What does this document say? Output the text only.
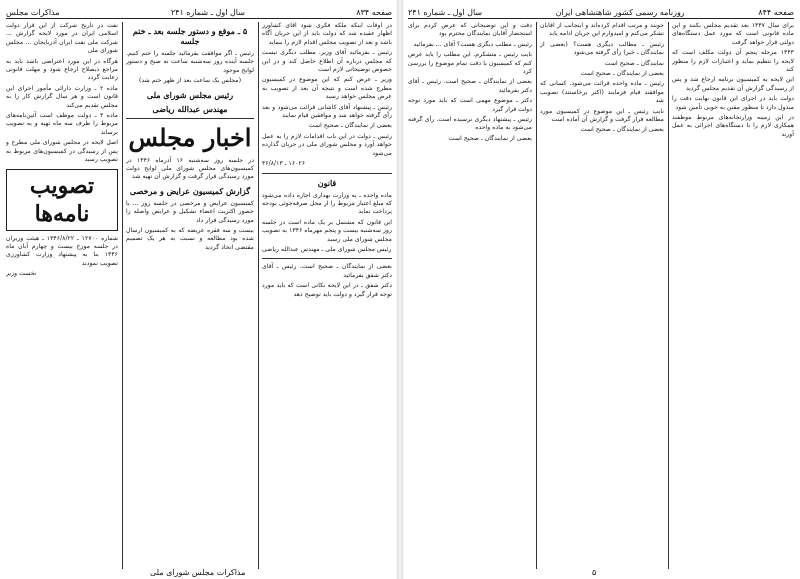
صفحه ۸۳۴
سال اول ـ شماره ۲۴۱
مذاکرات مجلس

نفت در تاریخ شرکت از این قرار دولت اسلامی ایران در مورد لایحه گزارش ... شرکت ملی نفت ایران آذربایجان ... مجلس شورای ملی

هرگاه در این مورد اعتراضی باشد باید به مراجع ذیصلاح ارجاع شود و مهلت قانونی رعایت گردد

ماده ۲ ـ وزارت دارائی مأمور اجرای این قانون است و هر سال گزارش کار را به مجلس تقدیم می‌کند

ماده ۳ ـ دولت موظف است آئین‌نامه‌های مربوط را ظرف سه ماه تهیه و به تصویب برساند

اصل لایحه در مجلس شورای ملی مطرح و پس از رسیدگی در کمیسیون‌های مربوط به تصویب رسید

تصویب نامه‌ها

شماره ۱۲۷۰۰ ـ ۱۳۴۶/۸/۲۲ ـ هیئت وزیران در جلسه مورخ بیست و چهارم آبان ماه ۱۳۴۶ بنا به پیشنهاد وزارت کشاورزی تصویب نمودند

نخست وزیر

۵ ـ موقع و دستور جلسه بعد ـ ختم جلسه

رئیس ـ اگر موافقت بفرمائید جلسه را ختم کنیم. جلسه آینده روز سه‌شنبه ساعت نه صبح و دستور لوایح موجود

(مجلس یک ساعت بعد از ظهر ختم شد)

رئیس مجلس شورای ملی

مهندس عبدالله ریاضی

اخبار مجلس

در جلسه روز سه‌شنبه ۱۶ آذرماه ۱۳۴۶ در کمیسیون‌های مجلس شورای ملی لوایح دولت مورد رسیدگی قرار گرفت و گزارش آن تهیه شد

گزارش کمیسیون عرایض و مرخصی

کمیسیون عرایض و مرخصی در جلسه روز ... با حضور اکثریت اعضاء تشکیل و عرایض واصله را مورد رسیدگی قرار داد

بیست و سه فقره عریضه که به کمیسیون ارسال شده بود مطالعه و نسبت به هر یک تصمیم مقتضی اتخاذ گردید

در اوقات اینکه ملکه فکری شود آقای کشاورز اظهار عقیده شد که دولت باید از این جریان آگاه باشد و بعد از تصویب مجلس اقدام لازم را بنماید

رئیس ـ بفرمائید آقای وزیر. مطلب دیگری نیست که مجلس درباره آن اطلاع حاصل کند و در این خصوص توضیحاتی لازم است

وزیر ـ عرض کنم که این موضوع در کمیسیون مطرح شده است و نتیجه آن بعد از تصویب به عرض مجلس خواهد رسید

رئیس ـ پیشنهاد آقای کاشانی قرائت می‌شود و بعد رأی گرفته خواهد شد و موافقین قیام نمایند

بعضی از نمایندگان ـ صحیح است

رئیس ـ دولت در این باب اقدامات لازم را به عمل خواهد آورد و مجلس شورای ملی در جریان گذارده می‌شود

۱۶۰۲۶ ـ ۴۶/۸/۱۳

قانون

ماده واحده ـ به وزارت بهداری اجازه داده می‌شود که مبلغ اعتبار مربوط را از محل صرفه‌جوئی بودجه پرداخت نماید

این قانون که مشتمل بر یک ماده است در جلسه روز سه‌شنبه بیست و پنجم مهرماه ۱۳۴۶ به تصویب مجلس شورای ملی رسید

رئیس مجلس شورای ملی ـ مهندس عبدالله ریاضی

بعضی از نمایندگان ـ صحیح است. رئیس ـ آقای دکتر شفق بفرمائید

دکتر شفق ـ در این لایحه نکاتی است که باید مورد توجه قرار گیرد و دولت باید توضیح دهد

مذاکرات مجلس شورای ملی
صفحه ۸۴۴
روزنامه رسمی کشور شاهنشاهی ایران
سال اول ـ شماره ۲۴۱

دقت و این توضیحاتی که عرض کردم برای استحضار آقایان نمایندگان محترم بود

رئیس ـ مطلب دیگری هست؟ آقای ... بفرمائید

نایب رئیس ـ متشکرم. این مطلب را باید عرض کنم که کمیسیون با دقت تمام موضوع را بررسی کرد

بعضی از نمایندگان ـ صحیح است. رئیس ـ آقای دکتر بفرمائید

دکتر ـ موضوع مهمی است که باید مورد توجه دولت قرار گیرد

رئیس ـ پیشنهاد دیگری نرسیده است. رأی گرفته می‌شود به ماده واحده

بعضی از نمایندگان ـ صحیح است

خوبند و مرتب اقدام کرده‌اند و اینجانب از آقایان تشکر می‌کنم و امیدوارم این جریان ادامه یابد

رئیس ـ مطالب دیگری هست؟ (بعضی از نمایندگان ـ خیر) رأی گرفته می‌شود

نمایندگان ـ صحیح است

بعضی از نمایندگان ـ صحیح است

رئیس ـ ماده واحده قرائت می‌شود. کسانی که موافقند قیام فرمایند (اکثر برخاستند) تصویب شد

نایب رئیس ـ این موضوع در کمیسیون مورد مطالعه قرار گرفت و گزارش آن آماده است

بعضی از نمایندگان ـ صحیح است

برای سال ۱۳۴۷ بعد تقدیم مجلس بکنند و این ماده قانونی است که مورد عمل دستگاه‌های دولتی قرار خواهد گرفت

۱۳۴۳ مرحله پنجم آن دولت مکلف است که لایحه را تنظیم نماید و اعتبارات لازم را منظور کند

این لایحه به کمیسیون برنامه ارجاع شد و پس از رسیدگی گزارش آن تقدیم مجلس گردید

دولت باید در اجرای این قانون نهایت دقت را مبذول دارد تا منظور مقنن به خوبی تأمین شود

در این زمینه وزارتخانه‌های مربوط موظفند همکاری لازم را با دستگاه‌های اجرائی به عمل آورند

۵
